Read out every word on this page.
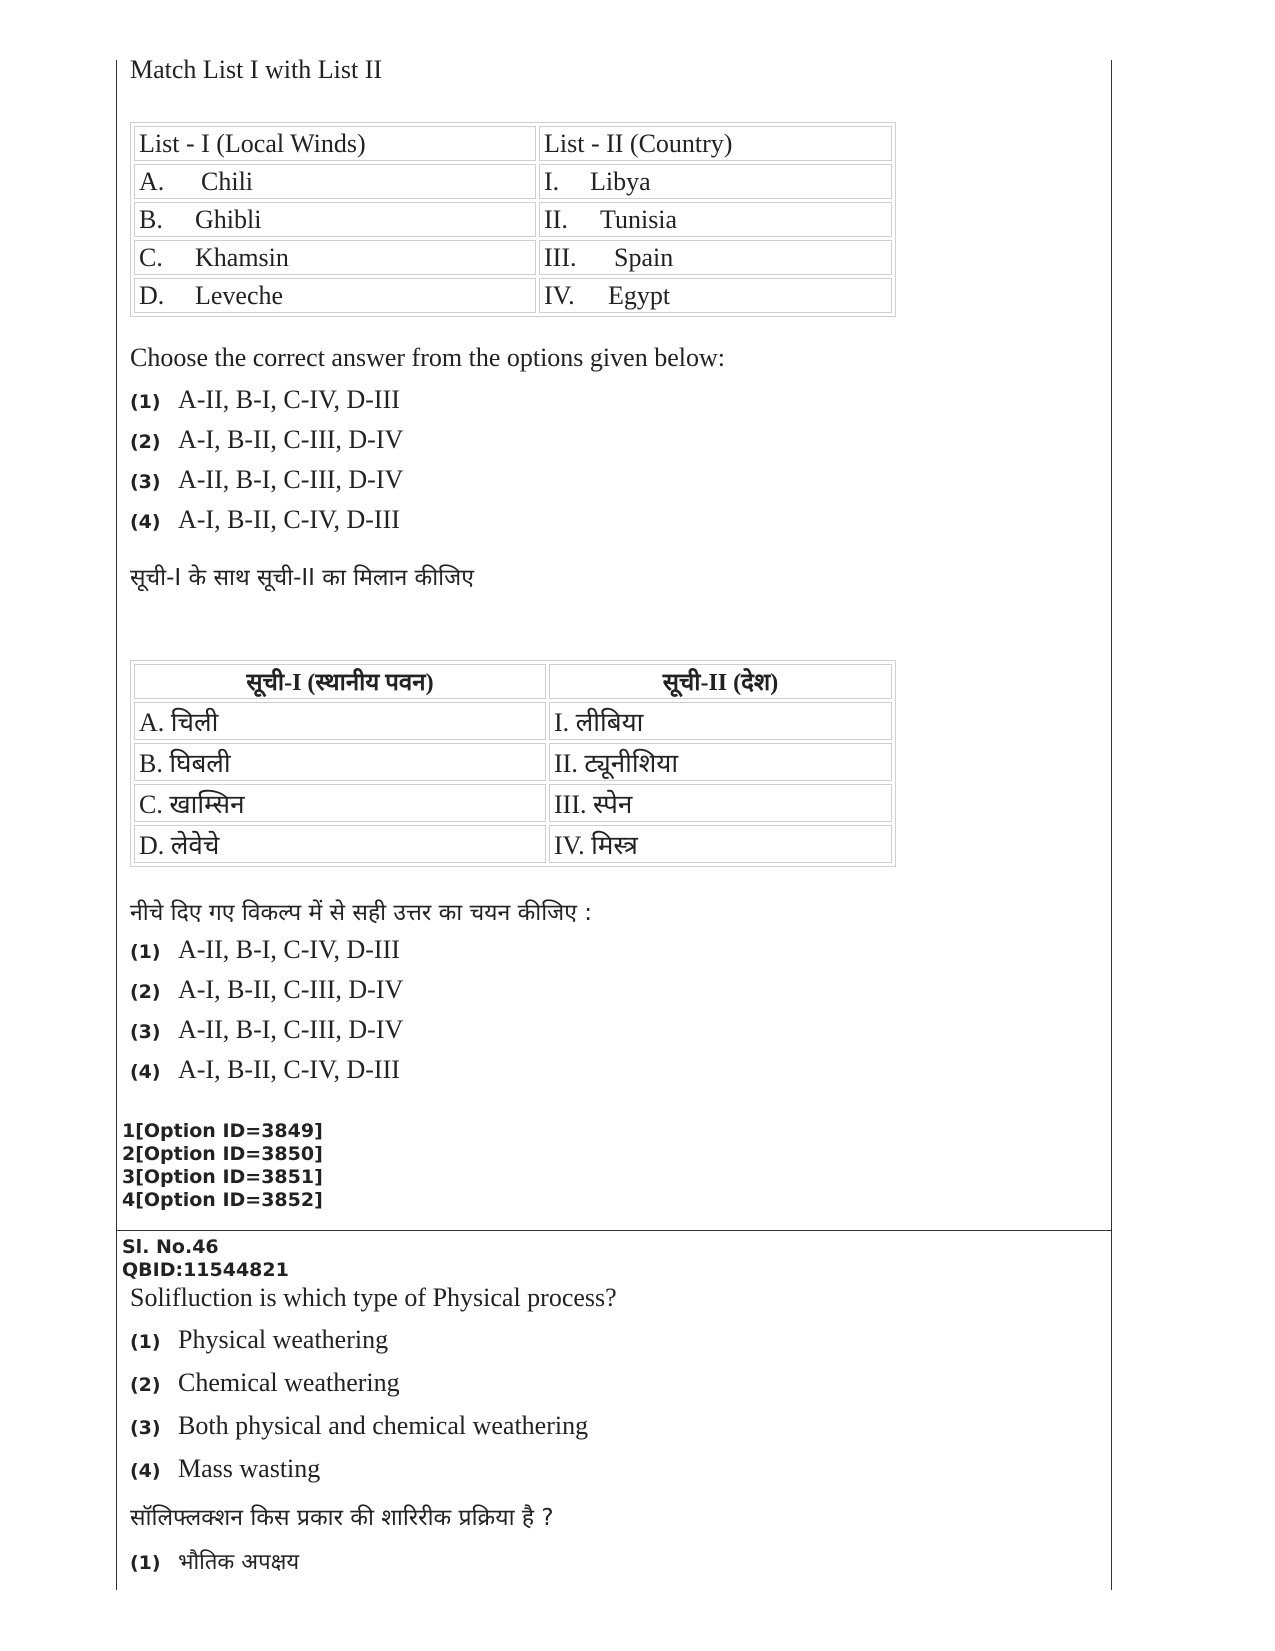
Match List I with List II
List - I (Local Winds)	List - II (Country)
A. Chili	I. Libya
B. Ghibli	II. Tunisia
C. Khamsin	III. Spain
D. Leveche	IV. Egypt
Choose the correct answer from the options given below:
(1) A-II, B-I, C-IV, D-III
(2) A-I, B-II, C-III, D-IV
(3) A-II, B-I, C-III, D-IV
(4) A-I, B-II, C-IV, D-III
सूची-I के साथ सूची-II का मिलान कीजिए
सूची-I (स्थानीय पवन)	सूची-II (देश)
A. चिली	I. लीबिया
B. घिबली	II. ट्यूनीशिया
C. खाम्सिन	III. स्पेन
D. लेवेचे	IV. मिस्त्र
नीचे दिए गए विकल्प में से सही उत्तर का चयन कीजिए :
(1) A-II, B-I, C-IV, D-III
(2) A-I, B-II, C-III, D-IV
(3) A-II, B-I, C-III, D-IV
(4) A-I, B-II, C-IV, D-III
1[Option ID=3849]
2[Option ID=3850]
3[Option ID=3851]
4[Option ID=3852]
Sl. No.46
QBID:11544821
Solifluction is which type of Physical process?
(1) Physical weathering
(2) Chemical weathering
(3) Both physical and chemical weathering
(4) Mass wasting
सॉलिफ्लक्शन किस प्रकार की शारिरीक प्रक्रिया है ?
(1) भौतिक अपक्षय
